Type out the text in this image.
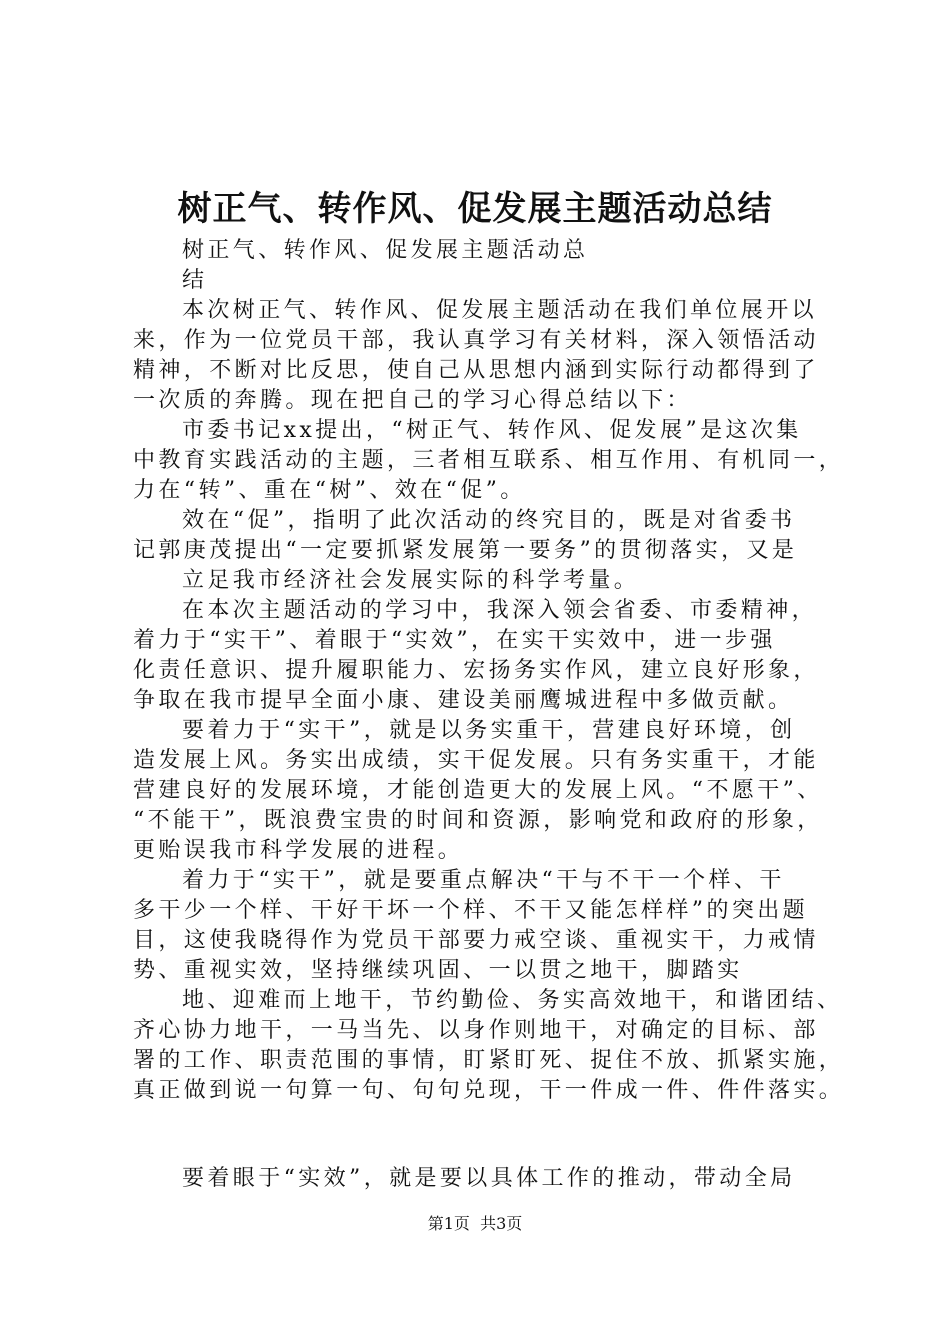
树正气、转作风、促发展主题活动总结
树正气、转作风、促发展主题活动总
结
本次树正气、转作风、促发展主题活动在我们单位展开以
来，作为一位党员干部，我认真学习有关材料，深入领悟活动
精神，不断对比反思，使自己从思想内涵到实际行动都得到了
一次质的奔腾。现在把自己的学习心得总结以下：
市委书记xx提出，“树正气、转作风、促发展”是这次集
中教育实践活动的主题，三者相互联系、相互作用、有机同一，
力在“转”、重在“树”、效在“促”。
效在“促”，指明了此次活动的终究目的，既是对省委书
记郭庚茂提出“一定要抓紧发展第一要务”的贯彻落实，又是
立足我市经济社会发展实际的科学考量。
在本次主题活动的学习中，我深入领会省委、市委精神，
着力于“实干”、着眼于“实效”，在实干实效中，进一步强
化责任意识、提升履职能力、宏扬务实作风，建立良好形象，
争取在我市提早全面小康、建设美丽鹰城进程中多做贡献。
要着力于“实干”，就是以务实重干，营建良好环境，创
造发展上风。务实出成绩，实干促发展。只有务实重干，才能
营建良好的发展环境，才能创造更大的发展上风。“不愿干”、
“不能干”，既浪费宝贵的时间和资源，影响党和政府的形象，
更贻误我市科学发展的进程。
着力于“实干”，就是要重点解决“干与不干一个样、干
多干少一个样、干好干坏一个样、不干又能怎样样”的突出题
目，这使我晓得作为党员干部要力戒空谈、重视实干，力戒情
势、重视实效，坚持继续巩固、一以贯之地干，脚踏实
地、迎难而上地干，节约勤俭、务实高效地干，和谐团结、
齐心协力地干，一马当先、以身作则地干，对确定的目标、部
署的工作、职责范围的事情，盯紧盯死、捉住不放、抓紧实施，
真正做到说一句算一句、句句兑现，干一件成一件、件件落实。
要着眼于“实效”，就是要以具体工作的推动，带动全局
第1页  共3页
